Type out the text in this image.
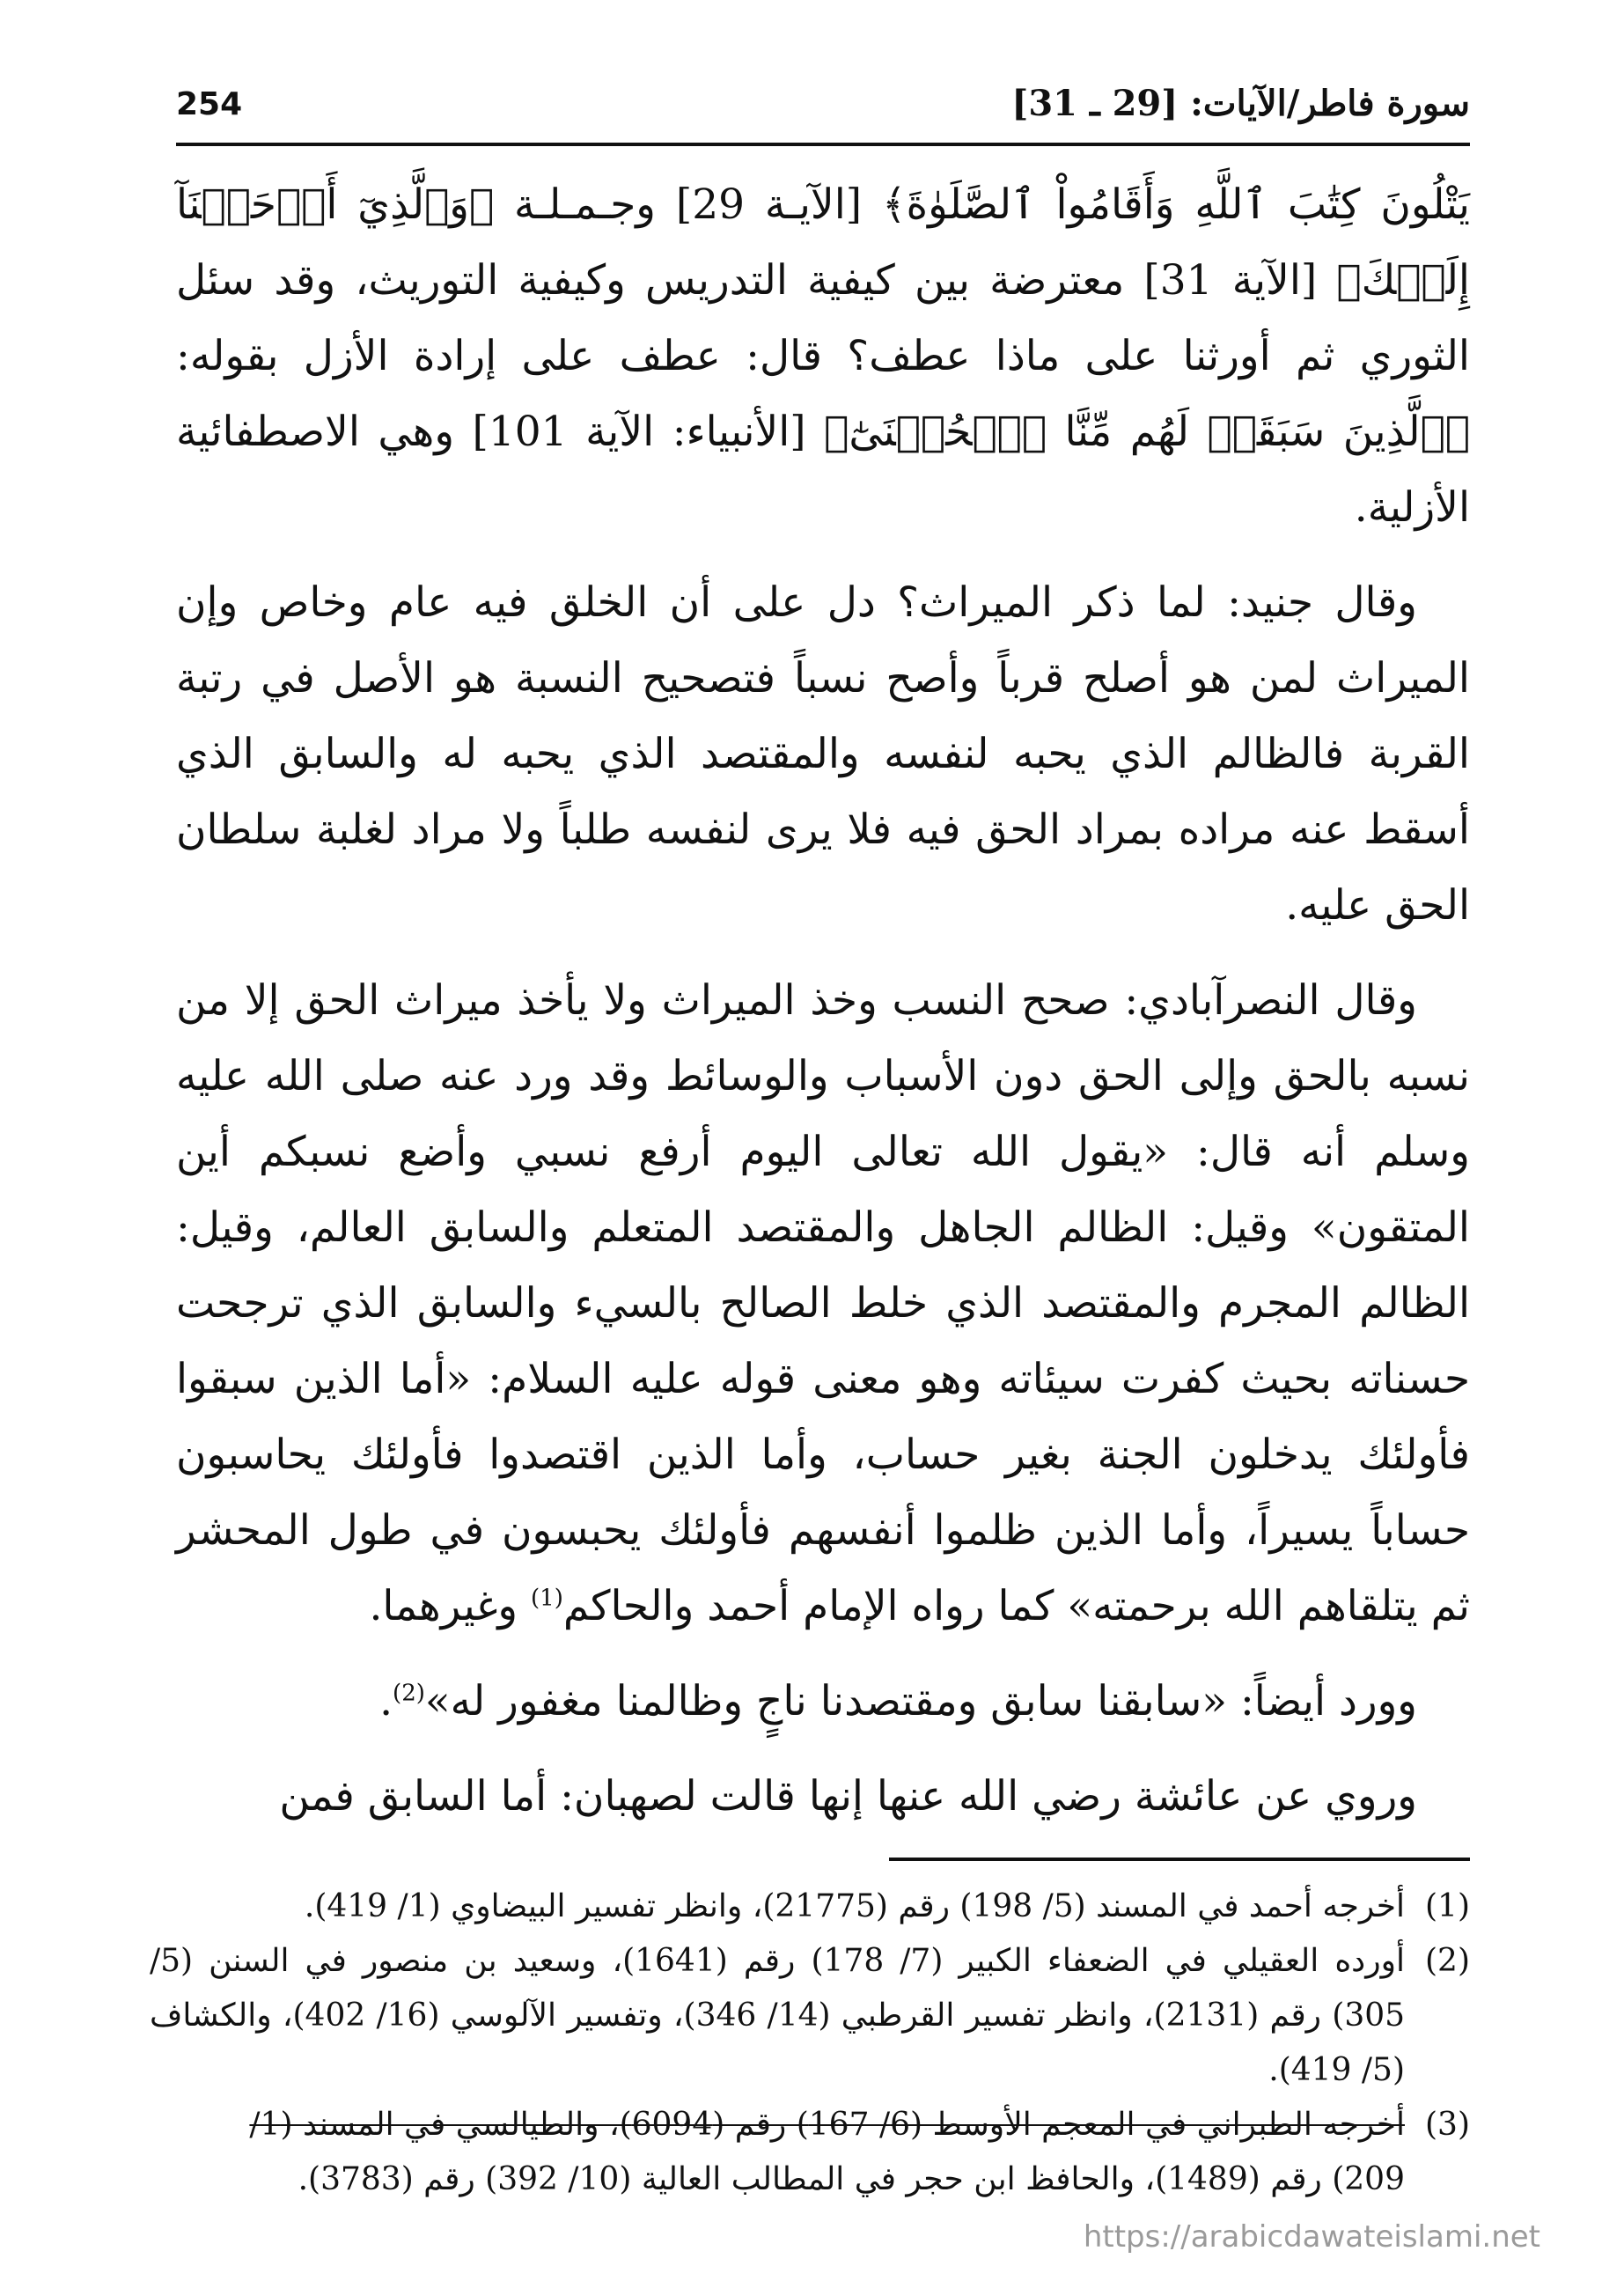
254	سورة فاطر/الآيات: [29 ـ 31]

يَتْلُونَ كِتَٰبَ ٱللَّهِ وَأَقَامُواْ ٱلصَّلَوٰةَ﴾ [الآيـة 29] وجـمـلـة ﴿وَٱلَّذِيٓ أَوۡحَيۡنَآ إِلَيۡكَ﴾ [الآية 31] معترضة بين كيفية التدريس وكيفية التوريث، وقد سئل الثوري ثم أورثنا على ماذا عطف؟ قال: عطف على إرادة الأزل بقوله: ﴿ٱلَّذِينَ سَبَقَتۡ لَهُم مِّنَّا ٱلۡحُسۡنَىٰٓ﴾ [الأنبياء: الآية 101] وهي الاصطفائية الأزلية.

وقال جنيد: لما ذكر الميراث؟ دل على أن الخلق فيه عام وخاص وإن الميراث لمن هو أصلح قرباً وأصح نسباً فتصحيح النسبة هو الأصل في رتبة القربة فالظالم الذي يحبه لنفسه والمقتصد الذي يحبه له والسابق الذي أسقط عنه مراده بمراد الحق فيه فلا يرى لنفسه طلباً ولا مراد لغلبة سلطان الحق عليه.

وقال النصرآبادي: صحح النسب وخذ الميراث ولا يأخذ ميراث الحق إلا من نسبه بالحق وإلى الحق دون الأسباب والوسائط وقد ورد عنه صلى الله عليه وسلم أنه قال: «يقول الله تعالى اليوم أرفع نسبي وأضع نسبكم أين المتقون» وقيل: الظالم الجاهل والمقتصد المتعلم والسابق العالم، وقيل: الظالم المجرم والمقتصد الذي خلط الصالح بالسيء والسابق الذي ترجحت حسناته بحيث كفرت سيئاته وهو معنى قوله عليه السلام: «أما الذين سبقوا فأولئك يدخلون الجنة بغير حساب، وأما الذين اقتصدوا فأولئك يحاسبون حساباً يسيراً، وأما الذين ظلموا أنفسهم فأولئك يحبسون في طول المحشر ثم يتلقاهم الله برحمته» كما رواه الإمام أحمد والحاكم$^{(1)}$ وغيرهما.

وورد أيضاً: «سابقنا سابق ومقتصدنا ناجٍ وظالمنا مغفور له»$^{(2)}$.

وروي عن عائشة رضي الله عنها إنها قالت لصهبان: أما السابق فمن

(1)
أخرجه أحمد في المسند (5/ 198) رقم (21775)، وانظر تفسير البيضاوي (1/ 419).
(2)
أورده العقيلي في الضعفاء الكبير (7/ 178) رقم (1641)، وسعيد بن منصور في السنن (5/ 305) رقم (2131)، وانظر تفسير القرطبي (14/ 346)، وتفسير الآلوسي (16/ 402)، والكشاف (5/ 419).
(3)
أخرجه الطبراني في المعجم الأوسط (6/ 167) رقم (6094)، والطيالسي في المسند (1/
209) رقم (1489)، والحافظ ابن حجر في المطالب العالية (10/ 392) رقم (3783).
https://arabicdawateislami.net
